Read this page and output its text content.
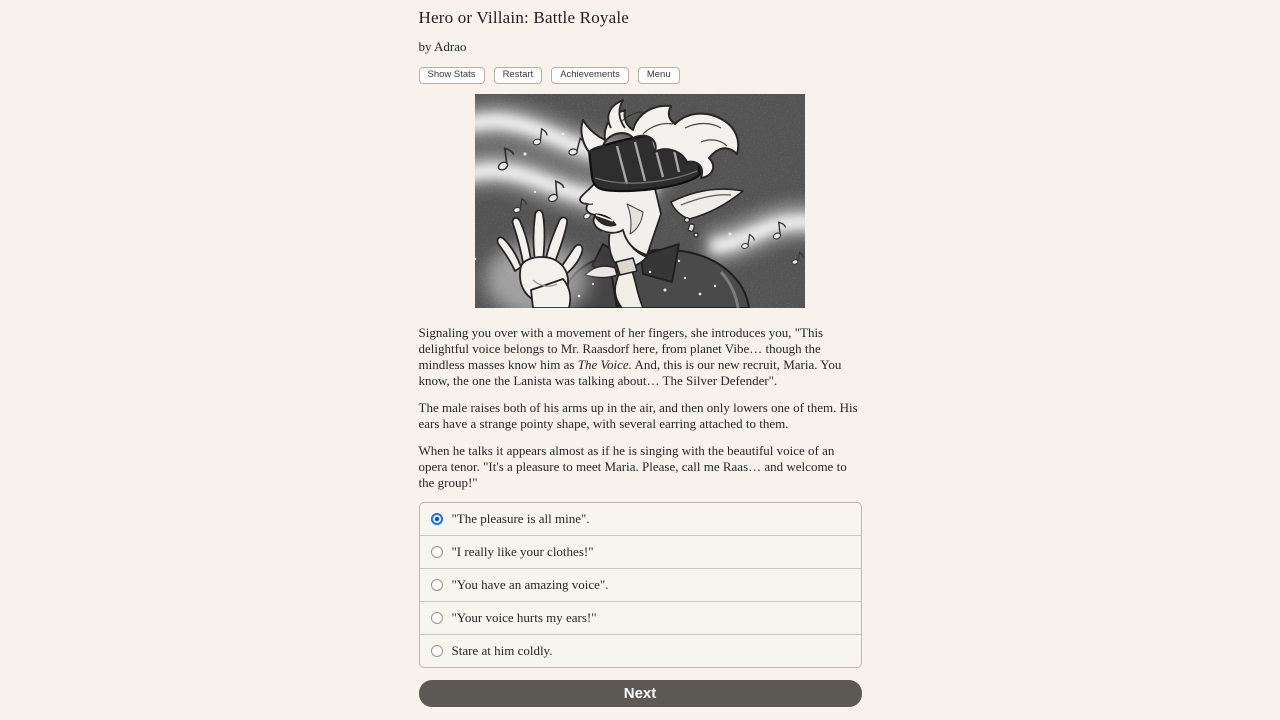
Hero or Villain: Battle Royale
by Adrao
Show Stats	Restart	Achievements	Menu

Signaling you over with a movement of her fingers, she introduces you, "This delightful voice belongs to Mr. Raasdorf here, from planet Vibe… though the mindless masses know him as The Voice. And, this is our new recruit, Maria. You know, the one the Lanista was talking about… The Silver Defender".

The male raises both of his arms up in the air, and then only lowers one of them. His ears have a strange pointy shape, with several earring attached to them.

When he talks it appears almost as if he is singing with the beautiful voice of an opera tenor. "It's a pleasure to meet Maria. Please, call me Raas… and welcome to the group!"

"The pleasure is all mine".
"I really like your clothes!"
"You have an amazing voice".
"Your voice hurts my ears!"
Stare at him coldly.
Next
